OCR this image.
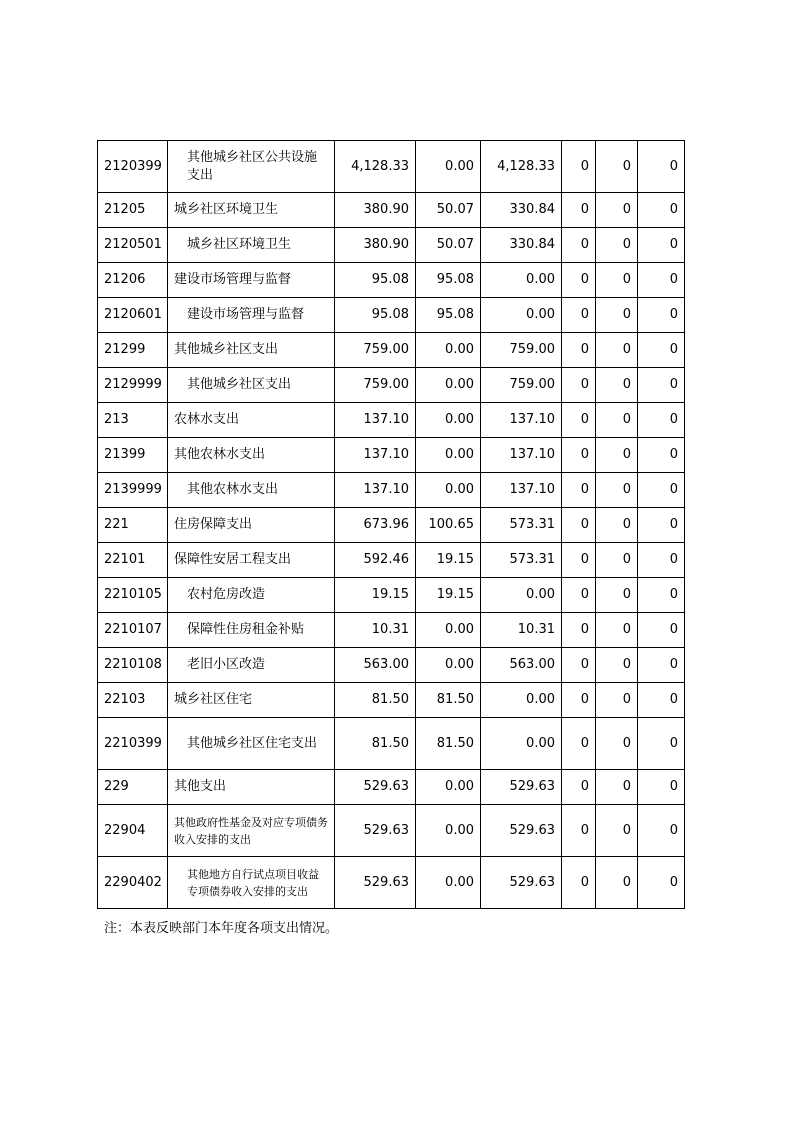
2120399	其他城乡社区公共设施支出	4,128.33	0.00	4,128.33	0	0	0
21205	城乡社区环境卫生	380.90	50.07	330.84	0	0	0
2120501	城乡社区环境卫生	380.90	50.07	330.84	0	0	0
21206	建设市场管理与监督	95.08	95.08	0.00	0	0	0
2120601	建设市场管理与监督	95.08	95.08	0.00	0	0	0
21299	其他城乡社区支出	759.00	0.00	759.00	0	0	0
2129999	其他城乡社区支出	759.00	0.00	759.00	0	0	0
213	农林水支出	137.10	0.00	137.10	0	0	0
21399	其他农林水支出	137.10	0.00	137.10	0	0	0
2139999	其他农林水支出	137.10	0.00	137.10	0	0	0
221	住房保障支出	673.96	100.65	573.31	0	0	0
22101	保障性安居工程支出	592.46	19.15	573.31	0	0	0
2210105	农村危房改造	19.15	19.15	0.00	0	0	0
2210107	保障性住房租金补贴	10.31	0.00	10.31	0	0	0
2210108	老旧小区改造	563.00	0.00	563.00	0	0	0
22103	城乡社区住宅	81.50	81.50	0.00	0	0	0
2210399	其他城乡社区住宅支出	81.50	81.50	0.00	0	0	0
229	其他支出	529.63	0.00	529.63	0	0	0
22904	其他政府性基金及对应专项债务收入安排的支出	529.63	0.00	529.63	0	0	0
2290402	其他地方自行试点项目收益专项债券收入安排的支出	529.63	0.00	529.63	0	0	0
注：本表反映部门本年度各项支出情况。
